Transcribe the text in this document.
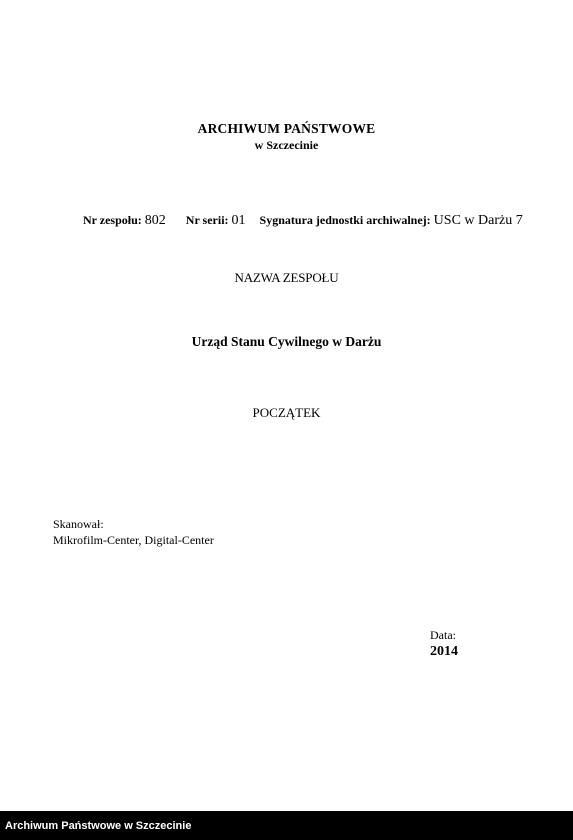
ARCHIWUM PAŃSTWOWE
w Szczecinie
Nr zespołu: 802 Nr serii: 01 Sygnatura jednostki archiwalnej: USC w Darżu 7
NAZWA ZESPOŁU
Urząd Stanu Cywilnego w Darżu
POCZĄTEK
Skanował:
Mikrofilm-Center, Digital-Center
Data:
2014
Archiwum Państwowe w Szczecinie
